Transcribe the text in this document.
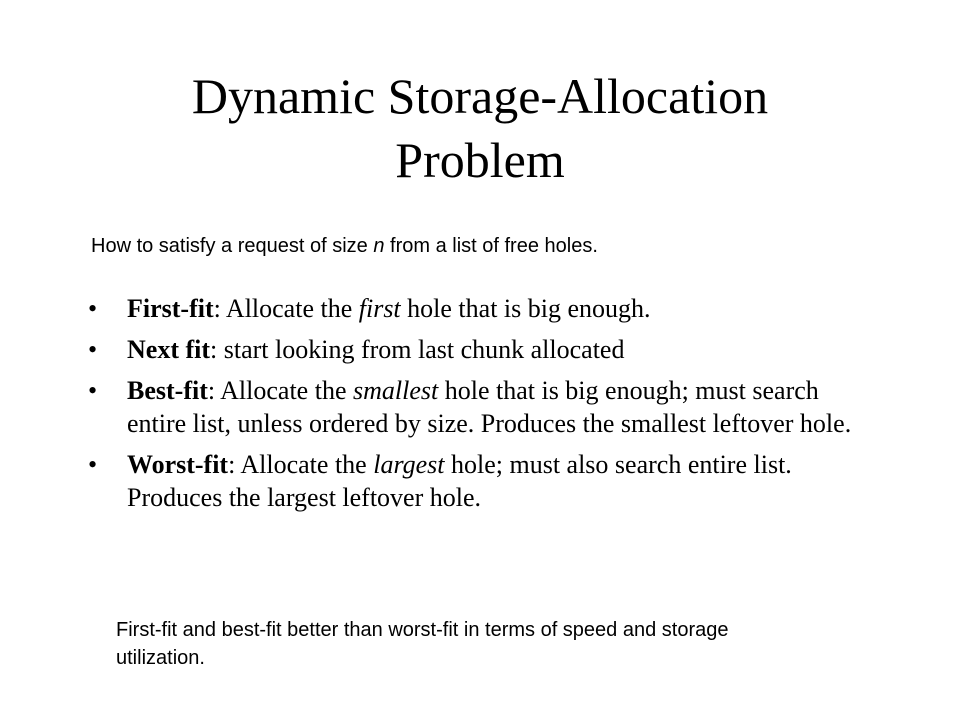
Dynamic Storage-Allocation
Problem

How to satisfy a request of size n from a list of free holes.

• First-fit: Allocate the first hole that is big enough.
• Next fit: start looking from last chunk allocated
• Best-fit: Allocate the smallest hole that is big enough; must search entire list, unless ordered by size. Produces the smallest leftover hole.
• Worst-fit: Allocate the largest hole; must also search entire list. Produces the largest leftover hole.

First-fit and best-fit better than worst-fit in terms of speed and storage utilization.
